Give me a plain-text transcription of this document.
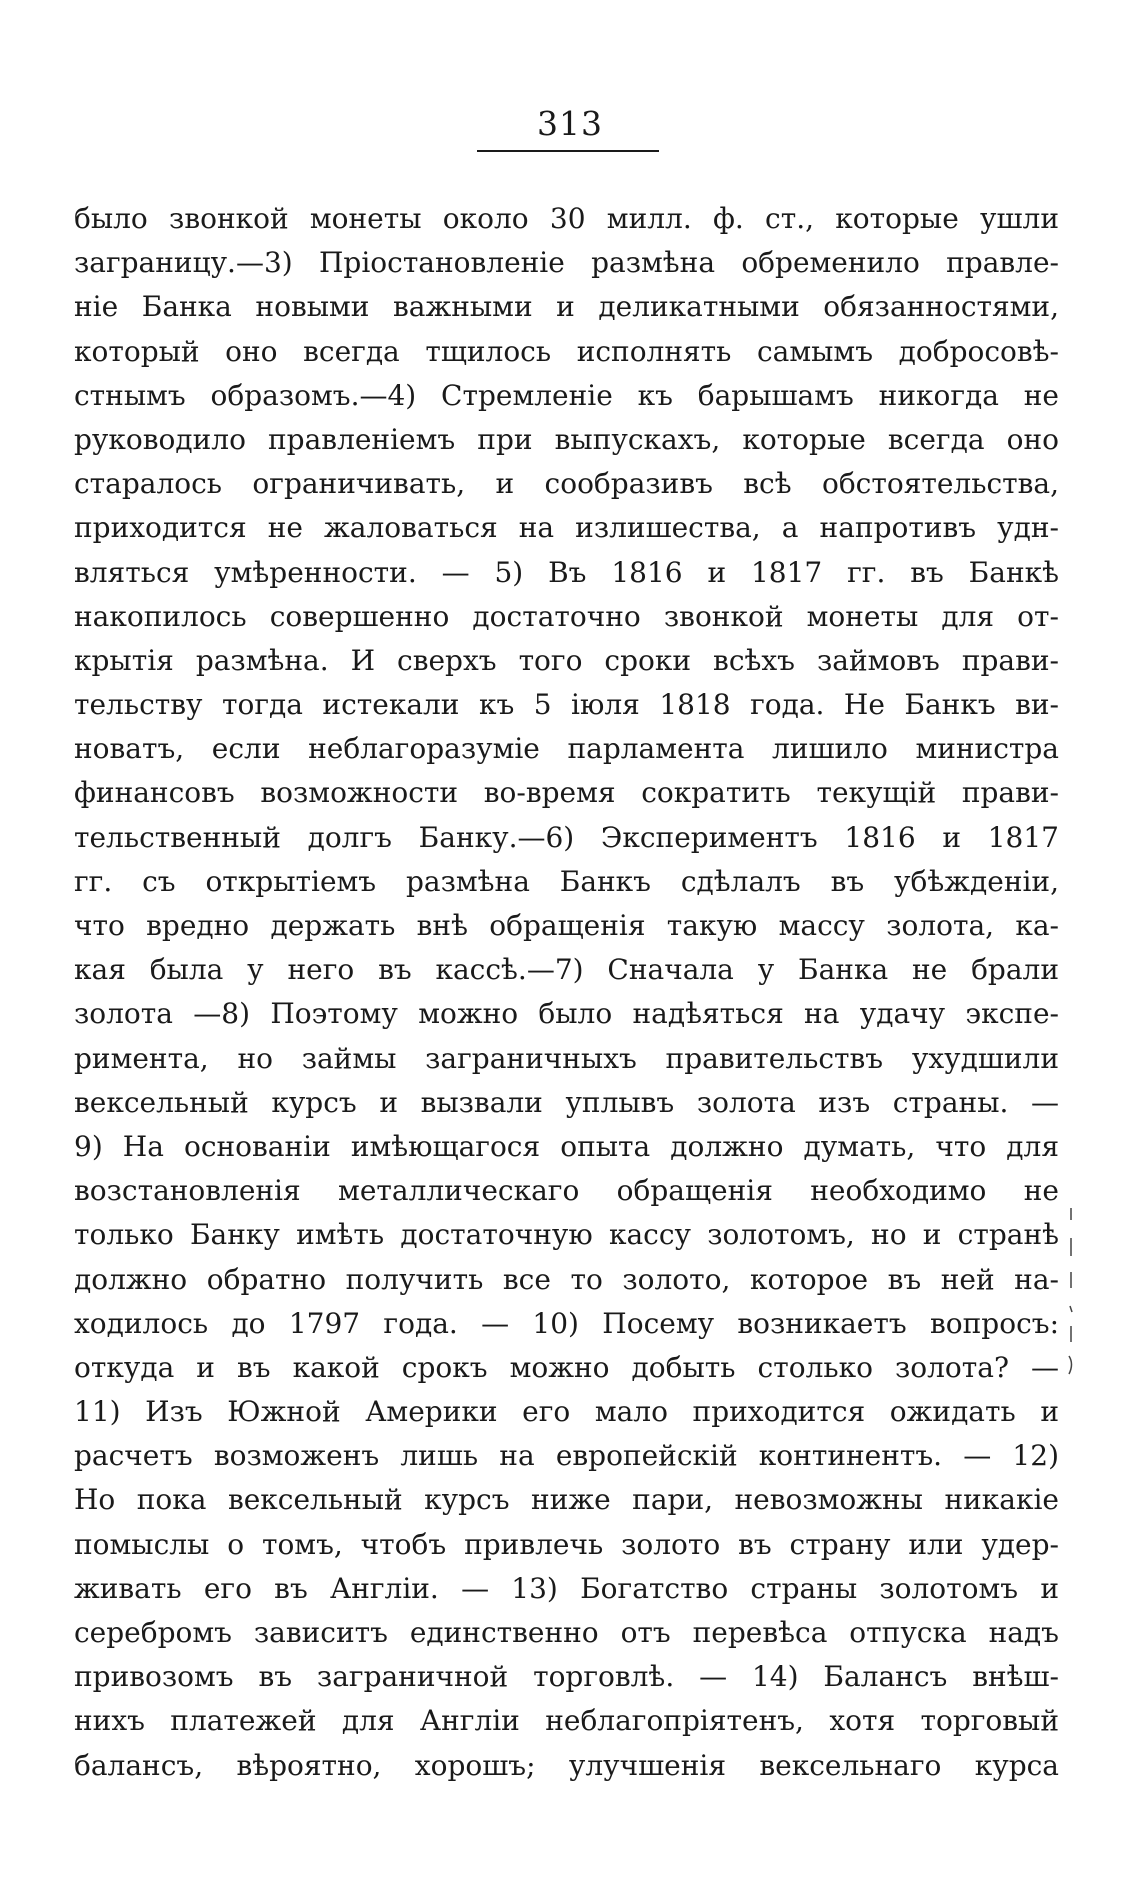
313
было звонкой монеты около 30 милл. ф. ст., которые ушли
заграницу.—3) Пріостановленіе размѣна обременило правле-
ніе Банка новыми важными и деликатными обязанностями,
который оно всегда тщилось исполнять самымъ добросовѣ-
стнымъ образомъ.—4) Стремленіе къ барышамъ никогда не
руководило правленіемъ при выпускахъ, которые всегда оно
старалось ограничивать, и сообразивъ всѣ обстоятельства,
приходится не жаловаться на излишества, а напротивъ удн-
вляться умѣренности. — 5) Въ 1816 и 1817 гг. въ Банкѣ
накопилось совершенно достаточно звонкой монеты для от-
крытія размѣна. И сверхъ того сроки всѣхъ займовъ прави-
тельству тогда истекали къ 5 іюля 1818 года. Не Банкъ ви-
новатъ, если неблагоразуміе парламента лишило министра
финансовъ возможности во-время сократить текущій прави-
тельственный долгъ Банку.—6) Экспериментъ 1816 и 1817
гг. съ открытіемъ размѣна Банкъ сдѣлалъ въ убѣжденіи,
что вредно держать внѣ обращенія такую массу золота, ка-
кая была у него въ кассѣ.—7) Сначала у Банка не брали
золота —8) Поэтому можно было надѣяться на удачу экспе-
римента, но займы заграничныхъ правительствъ ухудшили
вексельный курсъ и вызвали уплывъ золота изъ страны. —
9) На основаніи имѣющагося опыта должно думать, что для
возстановленія металлическаго обращенія необходимо не
только Банку имѣть достаточную кассу золотомъ, но и странѣ
должно обратно получить все то золото, которое въ ней на-
ходилось до 1797 года. — 10) Посему возникаетъ вопросъ:
откуда и въ какой срокъ можно добыть столько золота? —
11) Изъ Южной Америки его мало приходится ожидать и
расчетъ возможенъ лишь на европейскій континентъ. — 12)
Но пока вексельный курсъ ниже пари, невозможны никакіе
помыслы о томъ, чтобъ привлечь золото въ страну или удер-
живать его въ Англіи. — 13) Богатство страны золотомъ и
серебромъ зависитъ единственно отъ перевѣса отпуска надъ
привозомъ въ заграничной торговлѣ. — 14) Балансъ внѣш-
нихъ платежей для Англіи неблагопріятенъ, хотя торговый
балансъ, вѣроятно, хорошъ; улучшенія вексельнаго курса
